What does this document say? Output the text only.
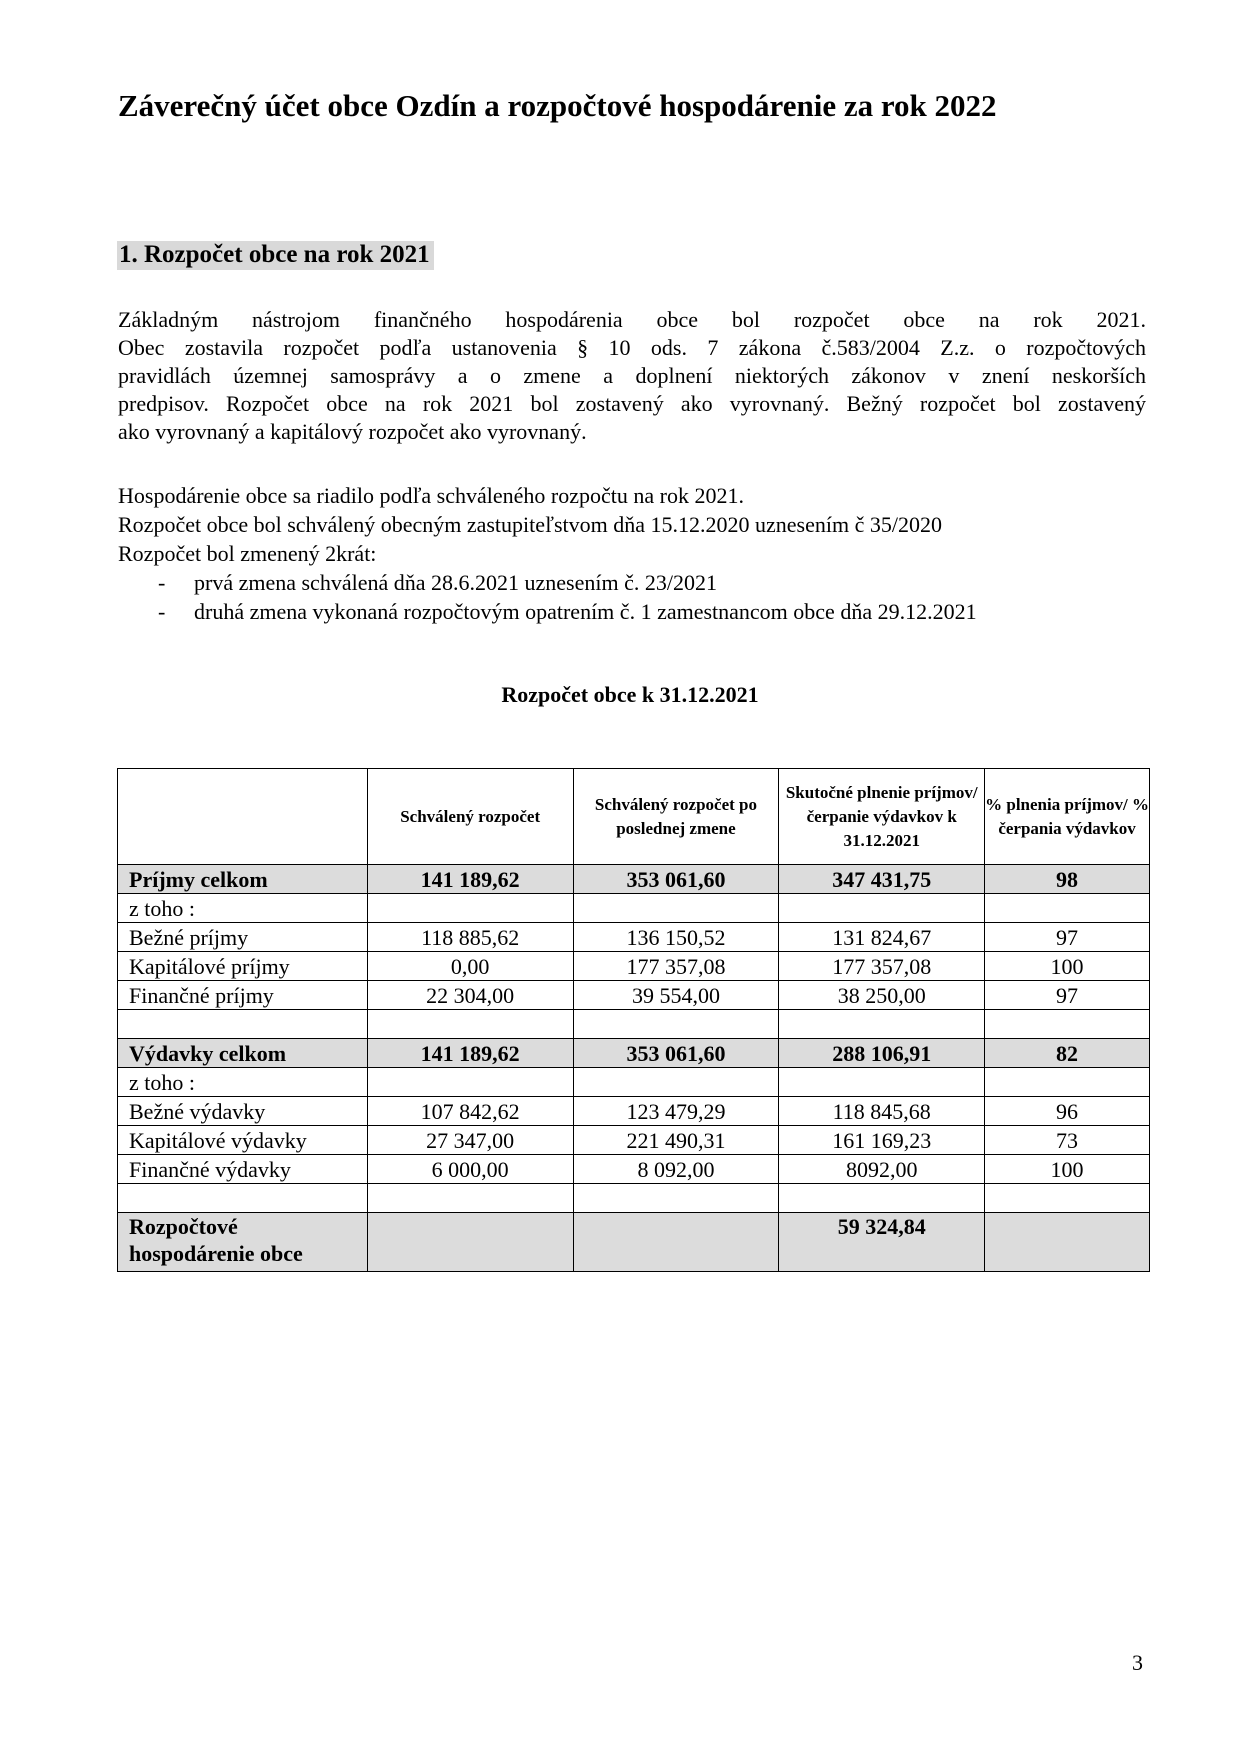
Záverečný účet obce Ozdín a rozpočtové hospodárenie za rok 2022
1. Rozpočet obce na rok 2021

Základným nástrojom finančného hospodárenia obce bol rozpočet obce na rok 2021.

Obec zostavila rozpočet podľa ustanovenia § 10 ods. 7 zákona č.583/2004 Z.z. o rozpočtových

pravidlách územnej samosprávy a o zmene a doplnení niektorých zákonov v znení neskorších

predpisov. Rozpočet obce na rok 2021 bol zostavený ako vyrovnaný. Bežný rozpočet bol zostavený

ako vyrovnaný a kapitálový rozpočet ako vyrovnaný.

Hospodárenie obce sa riadilo podľa schváleného rozpočtu na rok 2021.

Rozpočet obce bol schválený obecným zastupiteľstvom dňa 15.12.2020 uznesením č 35/2020

Rozpočet bol zmenený 2krát:

-	prvá zmena schválená dňa 28.6.2021 uznesením č. 23/2021
-	druhá zmena vykonaná rozpočtovým opatrením č. 1 zamestnancom obce dňa 29.12.2021
Rozpočet obce k 31.12.2021
	Schválený rozpočet	Schválený rozpočet po poslednej zmene	Skutočné plnenie príjmov/ čerpanie výdavkov k 31.12.2021	% plnenia príjmov/ % čerpania výdavkov
Príjmy celkom	141 189,62	353 061,60	347 431,75	98
z toho :				
Bežné príjmy	118 885,62	136 150,52	131 824,67	97
Kapitálové príjmy	0,00	177 357,08	177 357,08	100
Finančné príjmy	22 304,00	39 554,00	38 250,00	97

Výdavky celkom	141 189,62	353 061,60	288 106,91	82
z toho :				
Bežné výdavky	107 842,62	123 479,29	118 845,68	96
Kapitálové výdavky	27 347,00	221 490,31	161 169,23	73
Finančné výdavky	6 000,00	8 092,00	8092,00	100

Rozpočtové hospodárenie obce			59 324,84	
3
